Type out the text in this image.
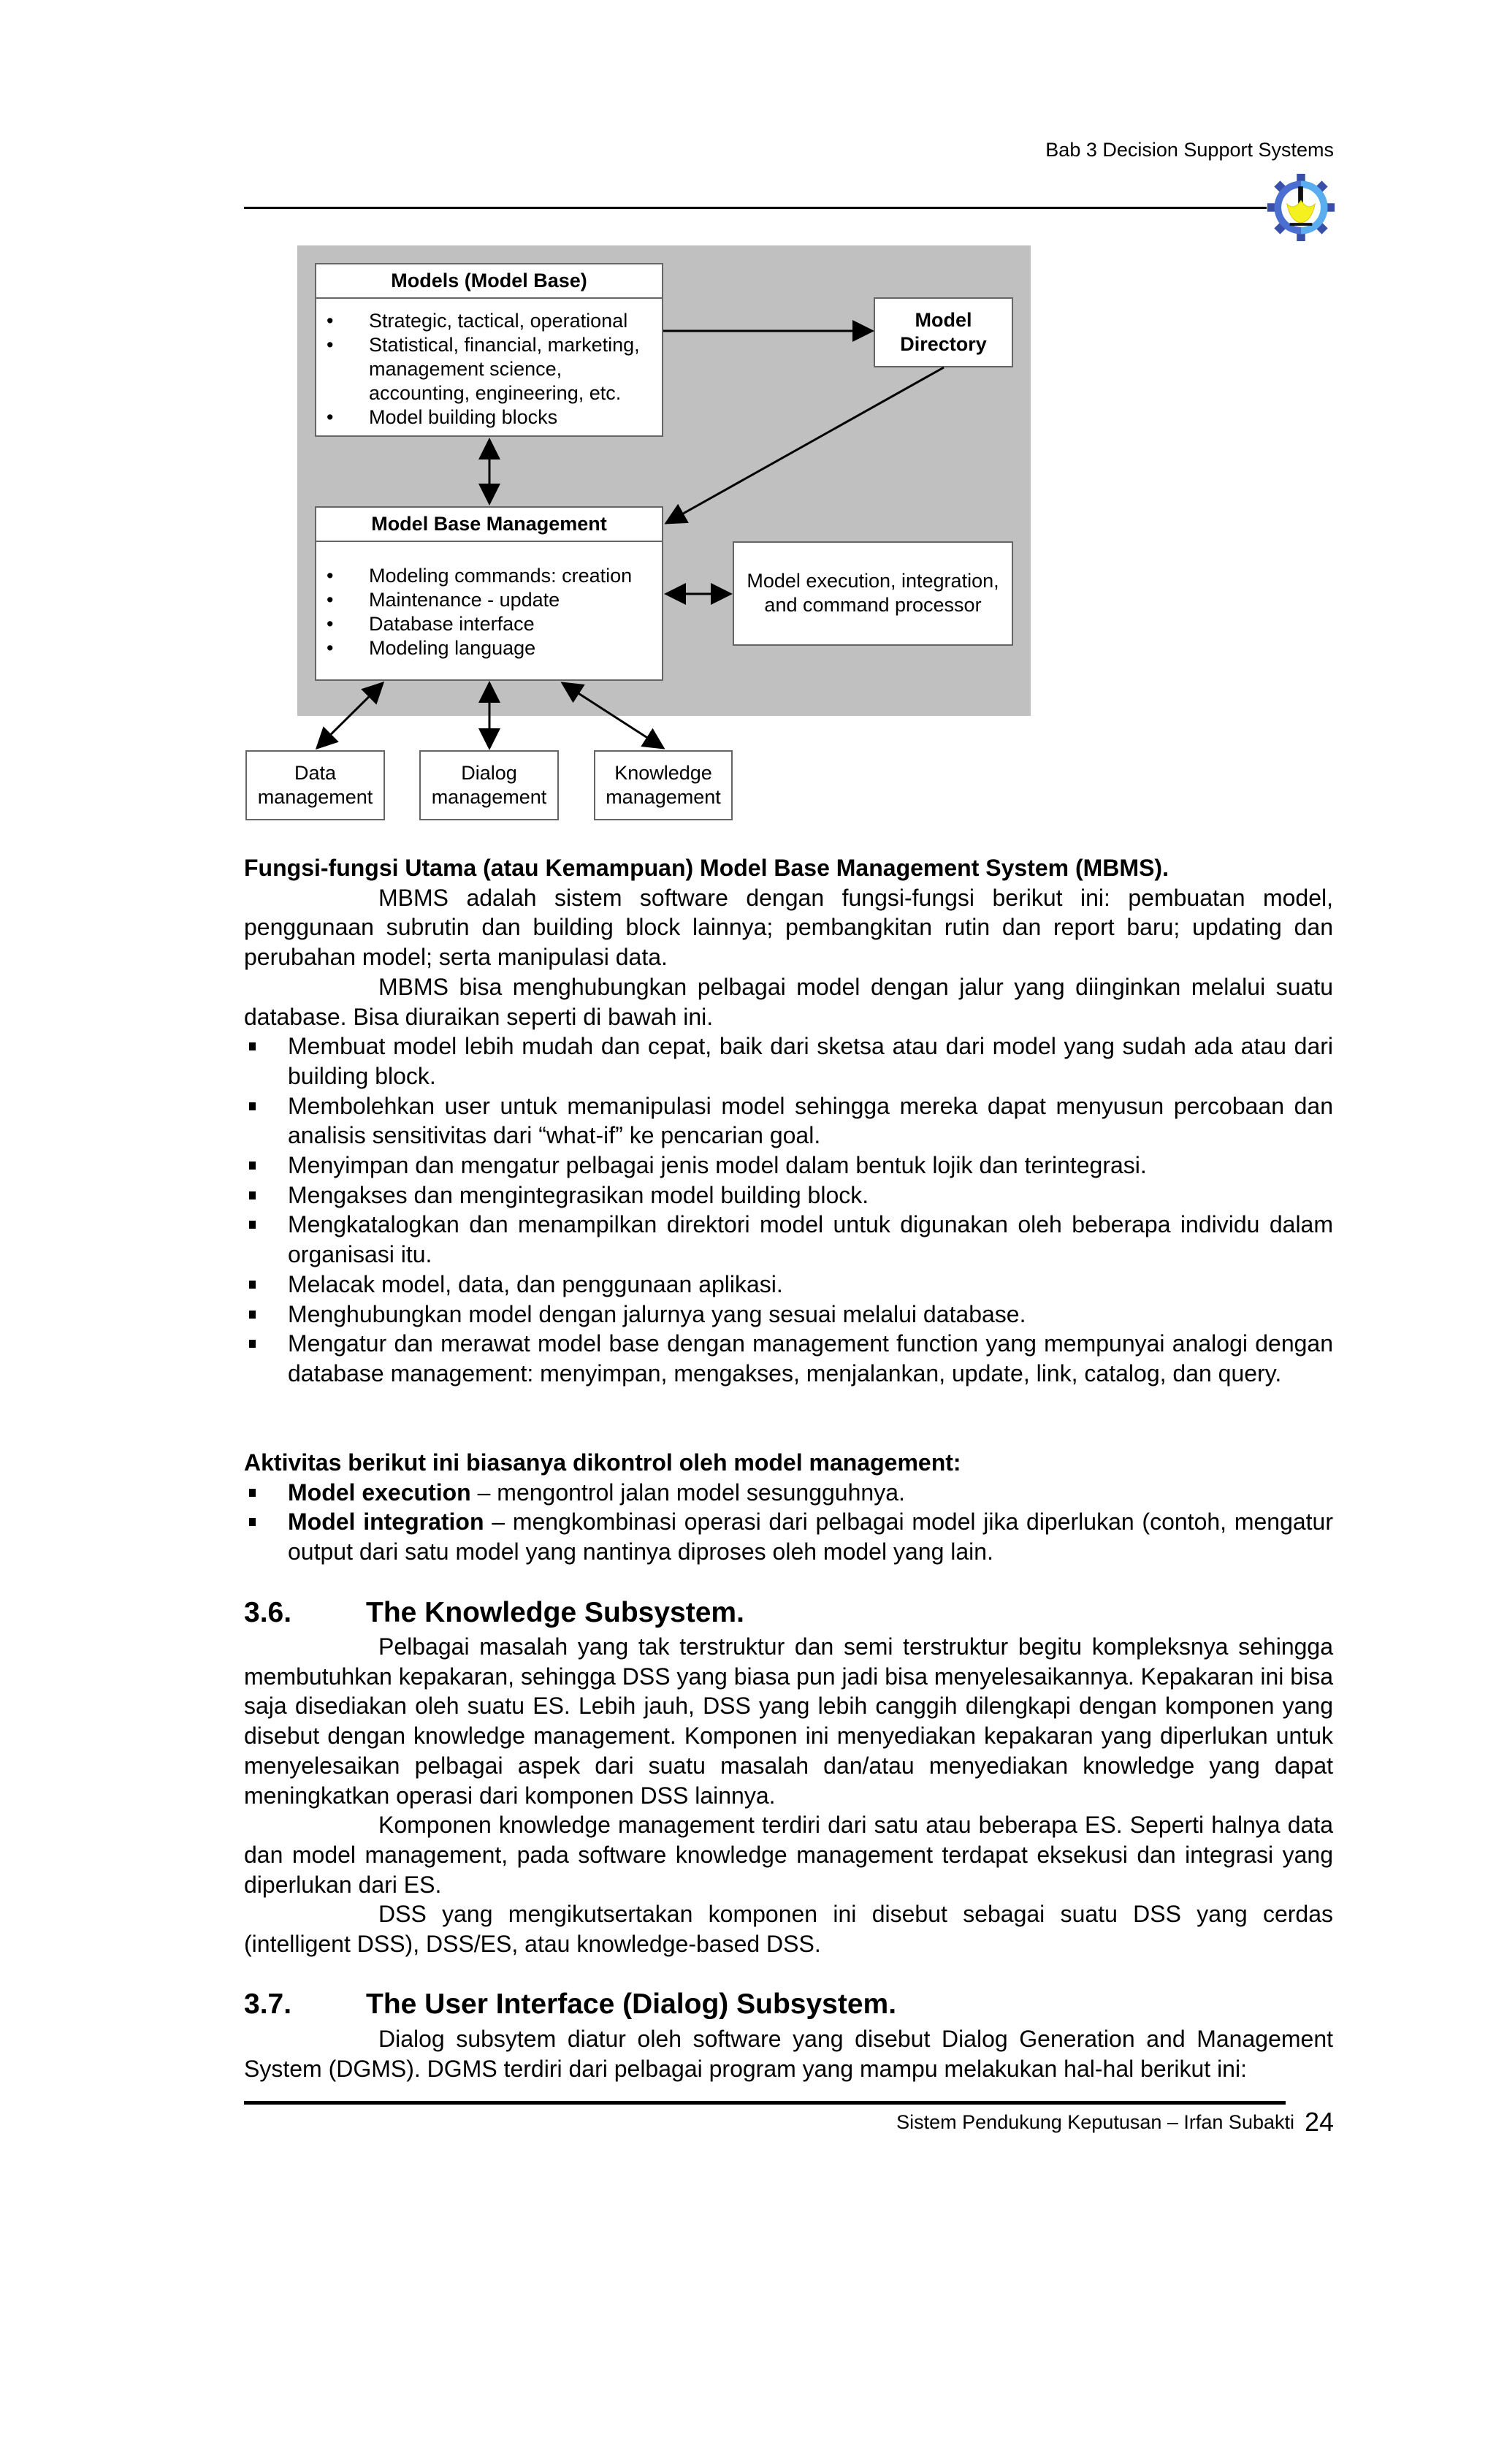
Bab 3 Decision Support Systems
Models (Model Base)
• Strategic, tactical, operational
• Statistical, financial, marketing, management science, accounting, engineering, etc.
• Model building blocks
Model Directory
Model Base Management
• Modeling commands: creation
• Maintenance - update
• Database interface
• Modeling language
Model execution, integration, and command processor
Data management
Dialog management
Knowledge management

Fungsi-fungsi Utama (atau Kemampuan) Model Base Management System (MBMS).

MBMS adalah sistem software dengan fungsi-fungsi berikut ini: pembuatan model, penggunaan subrutin dan building block lainnya; pembangkitan rutin dan report baru; updating dan perubahan model; serta manipulasi data.

MBMS bisa menghubungkan pelbagai model dengan jalur yang diinginkan melalui suatu database. Bisa diuraikan seperti di bawah ini.

Membuat model lebih mudah dan cepat, baik dari sketsa atau dari model yang sudah ada atau dari building block.

Membolehkan user untuk memanipulasi model sehingga mereka dapat menyusun percobaan dan analisis sensitivitas dari “what-if” ke pencarian goal.

Menyimpan dan mengatur pelbagai jenis model dalam bentuk lojik dan terintegrasi.

Mengakses dan mengintegrasikan model building block.

Mengkatalogkan dan menampilkan direktori model untuk digunakan oleh beberapa individu dalam organisasi itu.

Melacak model, data, dan penggunaan aplikasi.

Menghubungkan model dengan jalurnya yang sesuai melalui database.

Mengatur dan merawat model base dengan management function yang mempunyai analogi dengan database management: menyimpan, mengakses, menjalankan, update, link, catalog, dan query.

Aktivitas berikut ini biasanya dikontrol oleh model management:

Model execution – mengontrol jalan model sesungguhnya.

Model integration – mengkombinasi operasi dari pelbagai model jika diperlukan (contoh, mengatur output dari satu model yang nantinya diproses oleh model yang lain.

3.6.	The Knowledge Subsystem.

Pelbagai masalah yang tak terstruktur dan semi terstruktur begitu kompleksnya sehingga membutuhkan kepakaran, sehingga DSS yang biasa pun jadi bisa menyelesaikannya. Kepakaran ini bisa saja disediakan oleh suatu ES. Lebih jauh, DSS yang lebih canggih dilengkapi dengan komponen yang disebut dengan knowledge management. Komponen ini menyediakan kepakaran yang diperlukan untuk menyelesaikan pelbagai aspek dari suatu masalah dan/atau menyediakan knowledge yang dapat meningkatkan operasi dari komponen DSS lainnya.

Komponen knowledge management terdiri dari satu atau beberapa ES. Seperti halnya data dan model management, pada software knowledge management terdapat eksekusi dan integrasi yang diperlukan dari ES.

DSS yang mengikutsertakan komponen ini disebut sebagai suatu DSS yang cerdas (intelligent DSS), DSS/ES, atau knowledge-based DSS.

3.7.	The User Interface (Dialog) Subsystem.

Dialog subsytem diatur oleh software yang disebut Dialog Generation and Management System (DGMS). DGMS terdiri dari pelbagai program yang mampu melakukan hal-hal berikut ini:

Sistem Pendukung Keputusan – Irfan Subakti 24
